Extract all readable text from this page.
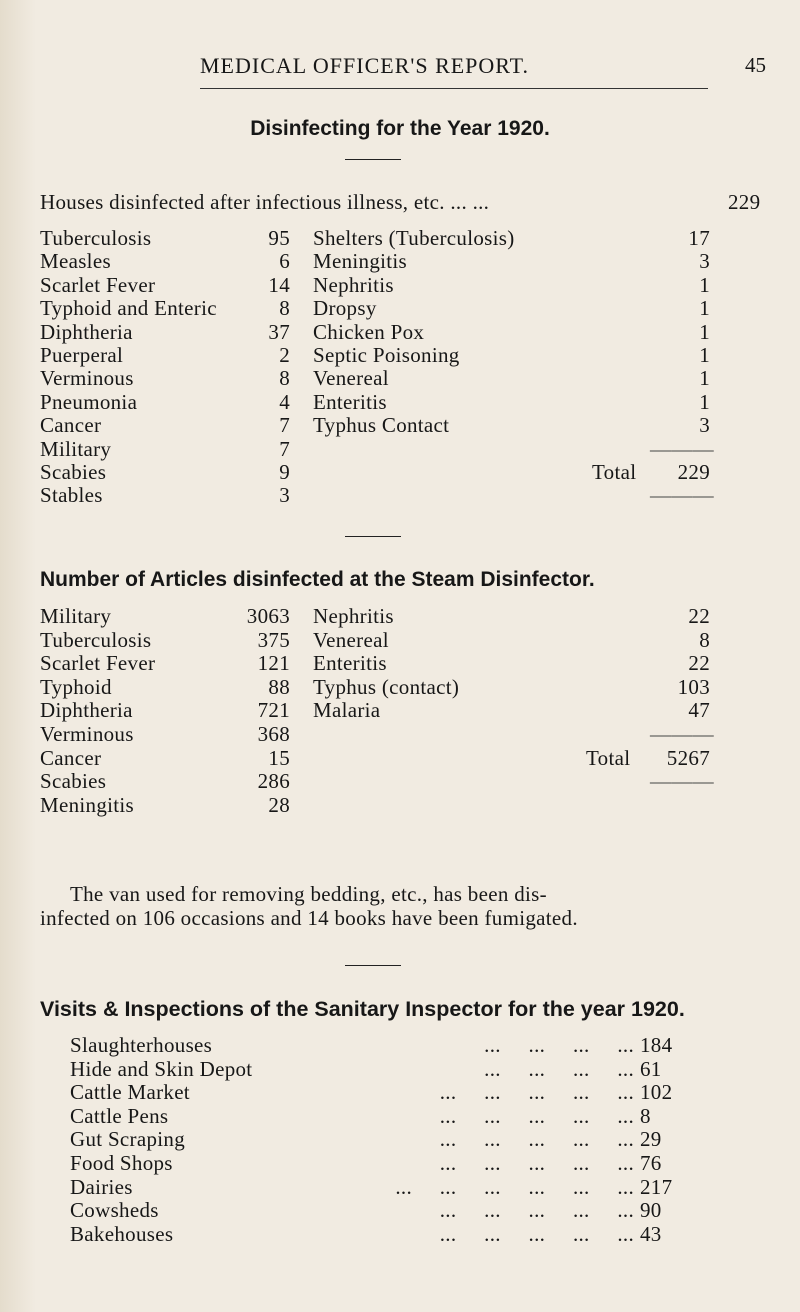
MEDICAL OFFICER'S REPORT.	45
Disinfecting for the Year 1920.
Houses disinfected after infectious illness, etc. ... ...	229
Tuberculosis	95
Measles	6
Scarlet Fever	14
Typhoid and Enteric	8
Diphtheria	37
Puerperal	2
Verminous	8
Pneumonia	4
Cancer	7
Military	7
Scabies	9
Stables	3
Shelters (Tuberculosis)	17
Meningitis	3
Nephritis	1
Dropsy	1
Chicken Pox	1
Septic Poisoning	1
Venereal	1
Enteritis	1
Typhus Contact	3
———
Total	229
———
Number of Articles disinfected at the Steam Disinfector.
Military	3063
Tuberculosis	375
Scarlet Fever	121
Typhoid	88
Diphtheria	721
Verminous	368
Cancer	15
Scabies	286
Meningitis	28
Nephritis	22
Venereal	8
Enteritis	22
Typhus (contact)	103
Malaria	47
———
Total	5267
———
The van used for removing bedding, etc., has been dis-
infected on 106 occasions and 14 books have been fumigated.
Visits & Inspections of the Sanitary Inspector for the year 1920.
Slaughterhouses	...     ...     ...     ... 184
Hide and Skin Depot	...     ...     ...     ... 61
Cattle Market	...     ...     ...     ...     ... 102
Cattle Pens	...     ...     ...     ...     ... 8
Gut Scraping	...     ...     ...     ...     ... 29
Food Shops	...     ...     ...     ...     ... 76
Dairies	...     ...     ...     ...     ...     ... 217
Cowsheds	...     ...     ...     ...     ... 90
Bakehouses	...     ...     ...     ...     ... 43
